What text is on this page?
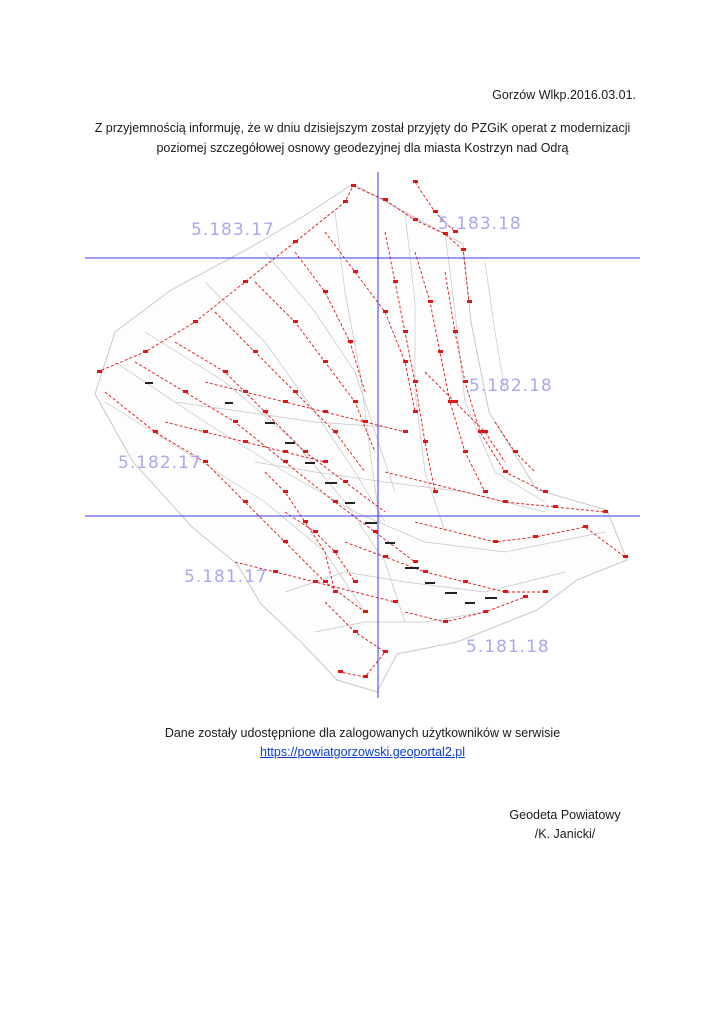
Gorzów Wlkp.2016.03.01.
Z przyjemnością informuję, że w dniu dzisiejszym został przyjęty do PZGiK operat z modernizacji
poziomej szczegółowej osnowy geodezyjnej dla miasta Kostrzyn nad Odrą
5.183.17	5.183.18
5.182.18
5.182.17
5.181.17
5.181.18
Dane zostały udostępnione dla zalogowanych użytkowników w serwisie
https://powiatgorzowski.geoportal2.pl
Geodeta Powiatowy
/K. Janicki/
